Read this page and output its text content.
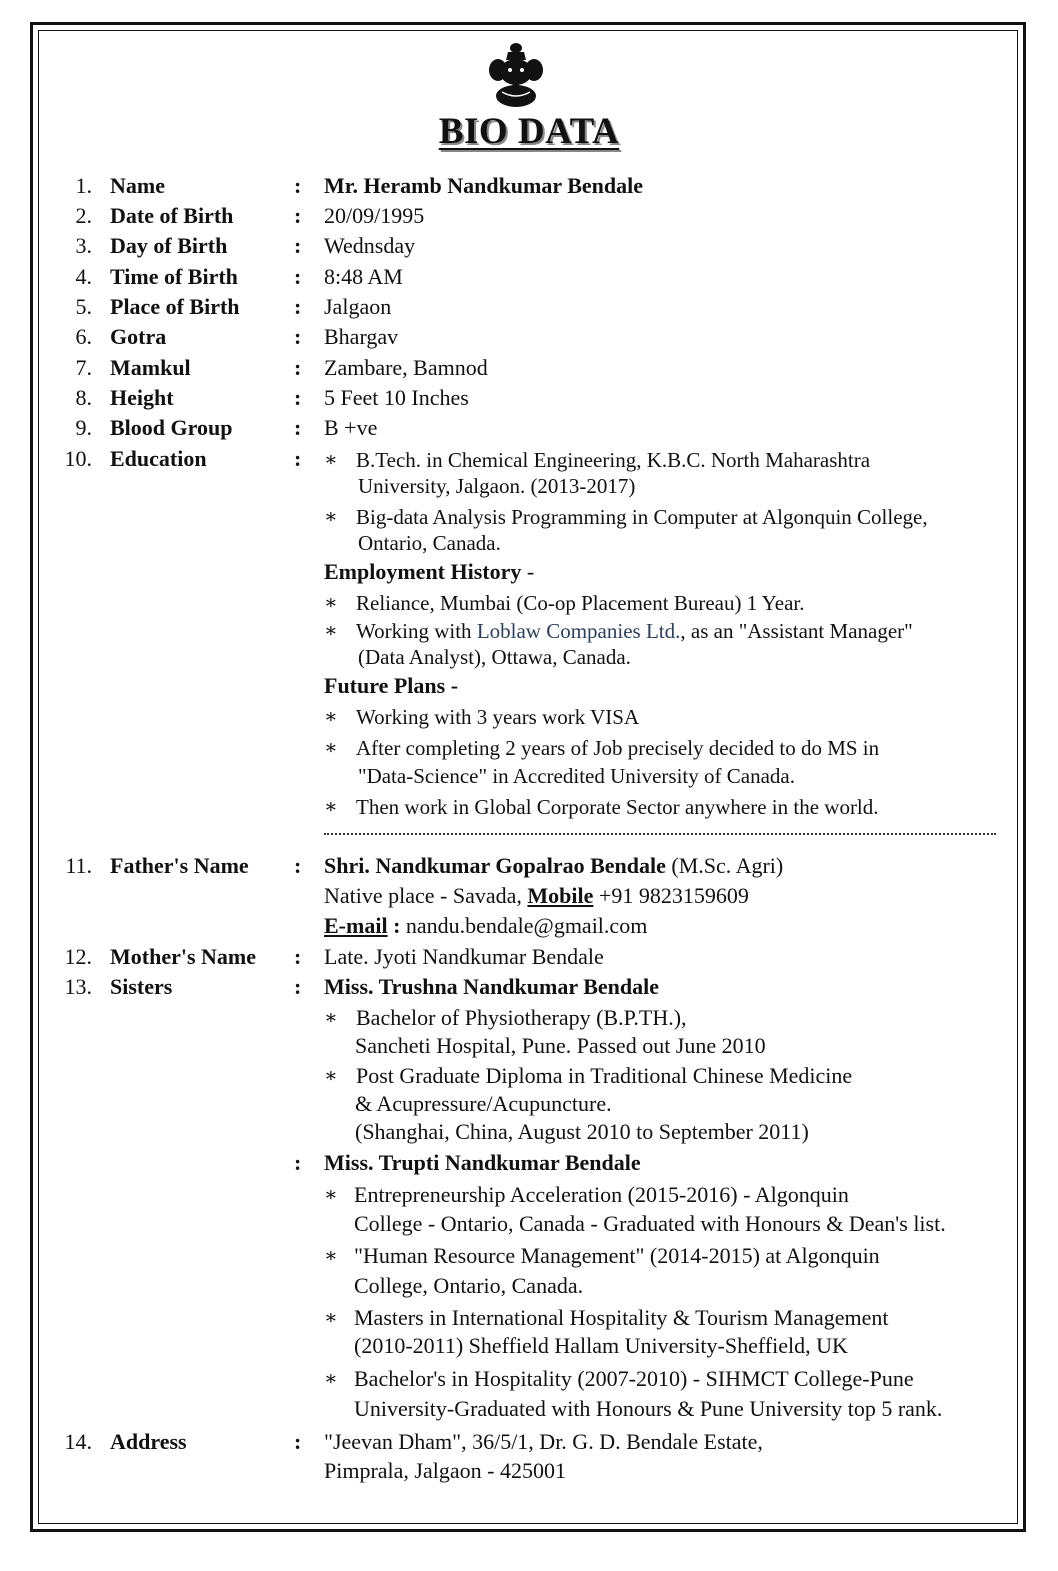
BIO DATA
1. Name	: Mr. Heramb Nandkumar Bendale
2. Date of Birth	: 20/09/1995
3. Day of Birth	: Wednsday
4. Time of Birth	: 8:48 AM
5. Place of Birth : Jalgaon
6. Gotra	: Bhargav
7. Mamkul	: Zambare, Bamnod
8. Height	: 5 Feet 10 Inches
9. Blood Group	: B +ve
10. Education	: ∗ B.Tech. in Chemical Engineering, K.B.C. North Maharashtra
University, Jalgaon. (2013-2017)
∗ Big-data Analysis Programming in Computer at Algonquin College,
Ontario, Canada.
Employment History -
∗ Reliance, Mumbai (Co-op Placement Bureau) 1 Year.
∗ Working with Loblaw Companies Ltd., as an "Assistant Manager"
(Data Analyst), Ottawa, Canada.
Future Plans -
∗ Working with 3 years work VISA
∗ After completing 2 years of Job precisely decided to do MS in
"Data-Science" in Accredited University of Canada.
∗ Then work in Global Corporate Sector anywhere in the world.
11. Father's Name : Shri. Nandkumar Gopalrao Bendale (M.Sc. Agri)
Native place - Savada, Mobile +91 9823159609
E-mail : nandu.bendale@gmail.com
12. Mother's Name : Late. Jyoti Nandkumar Bendale
13. Sisters	: Miss. Trushna Nandkumar Bendale
∗ Bachelor of Physiotherapy (B.P.TH.),
Sancheti Hospital, Pune. Passed out June 2010
∗ Post Graduate Diploma in Traditional Chinese Medicine
& Acupressure/Acupuncture.
(Shanghai, China, August 2010 to September 2011)
: Miss. Trupti Nandkumar Bendale
∗ Entrepreneurship Acceleration (2015-2016) - Algonquin
College - Ontario, Canada - Graduated with Honours & Dean's list.
∗ "Human Resource Management" (2014-2015) at Algonquin
College, Ontario, Canada.
∗ Masters in International Hospitality & Tourism Management
(2010-2011) Sheffield Hallam University-Sheffield, UK
∗ Bachelor's in Hospitality (2007-2010) - SIHMCT College-Pune
University-Graduated with Honours & Pune University top 5 rank.
14. Address	: "Jeevan Dham", 36/5/1, Dr. G. D. Bendale Estate,
Pimprala, Jalgaon - 425001
